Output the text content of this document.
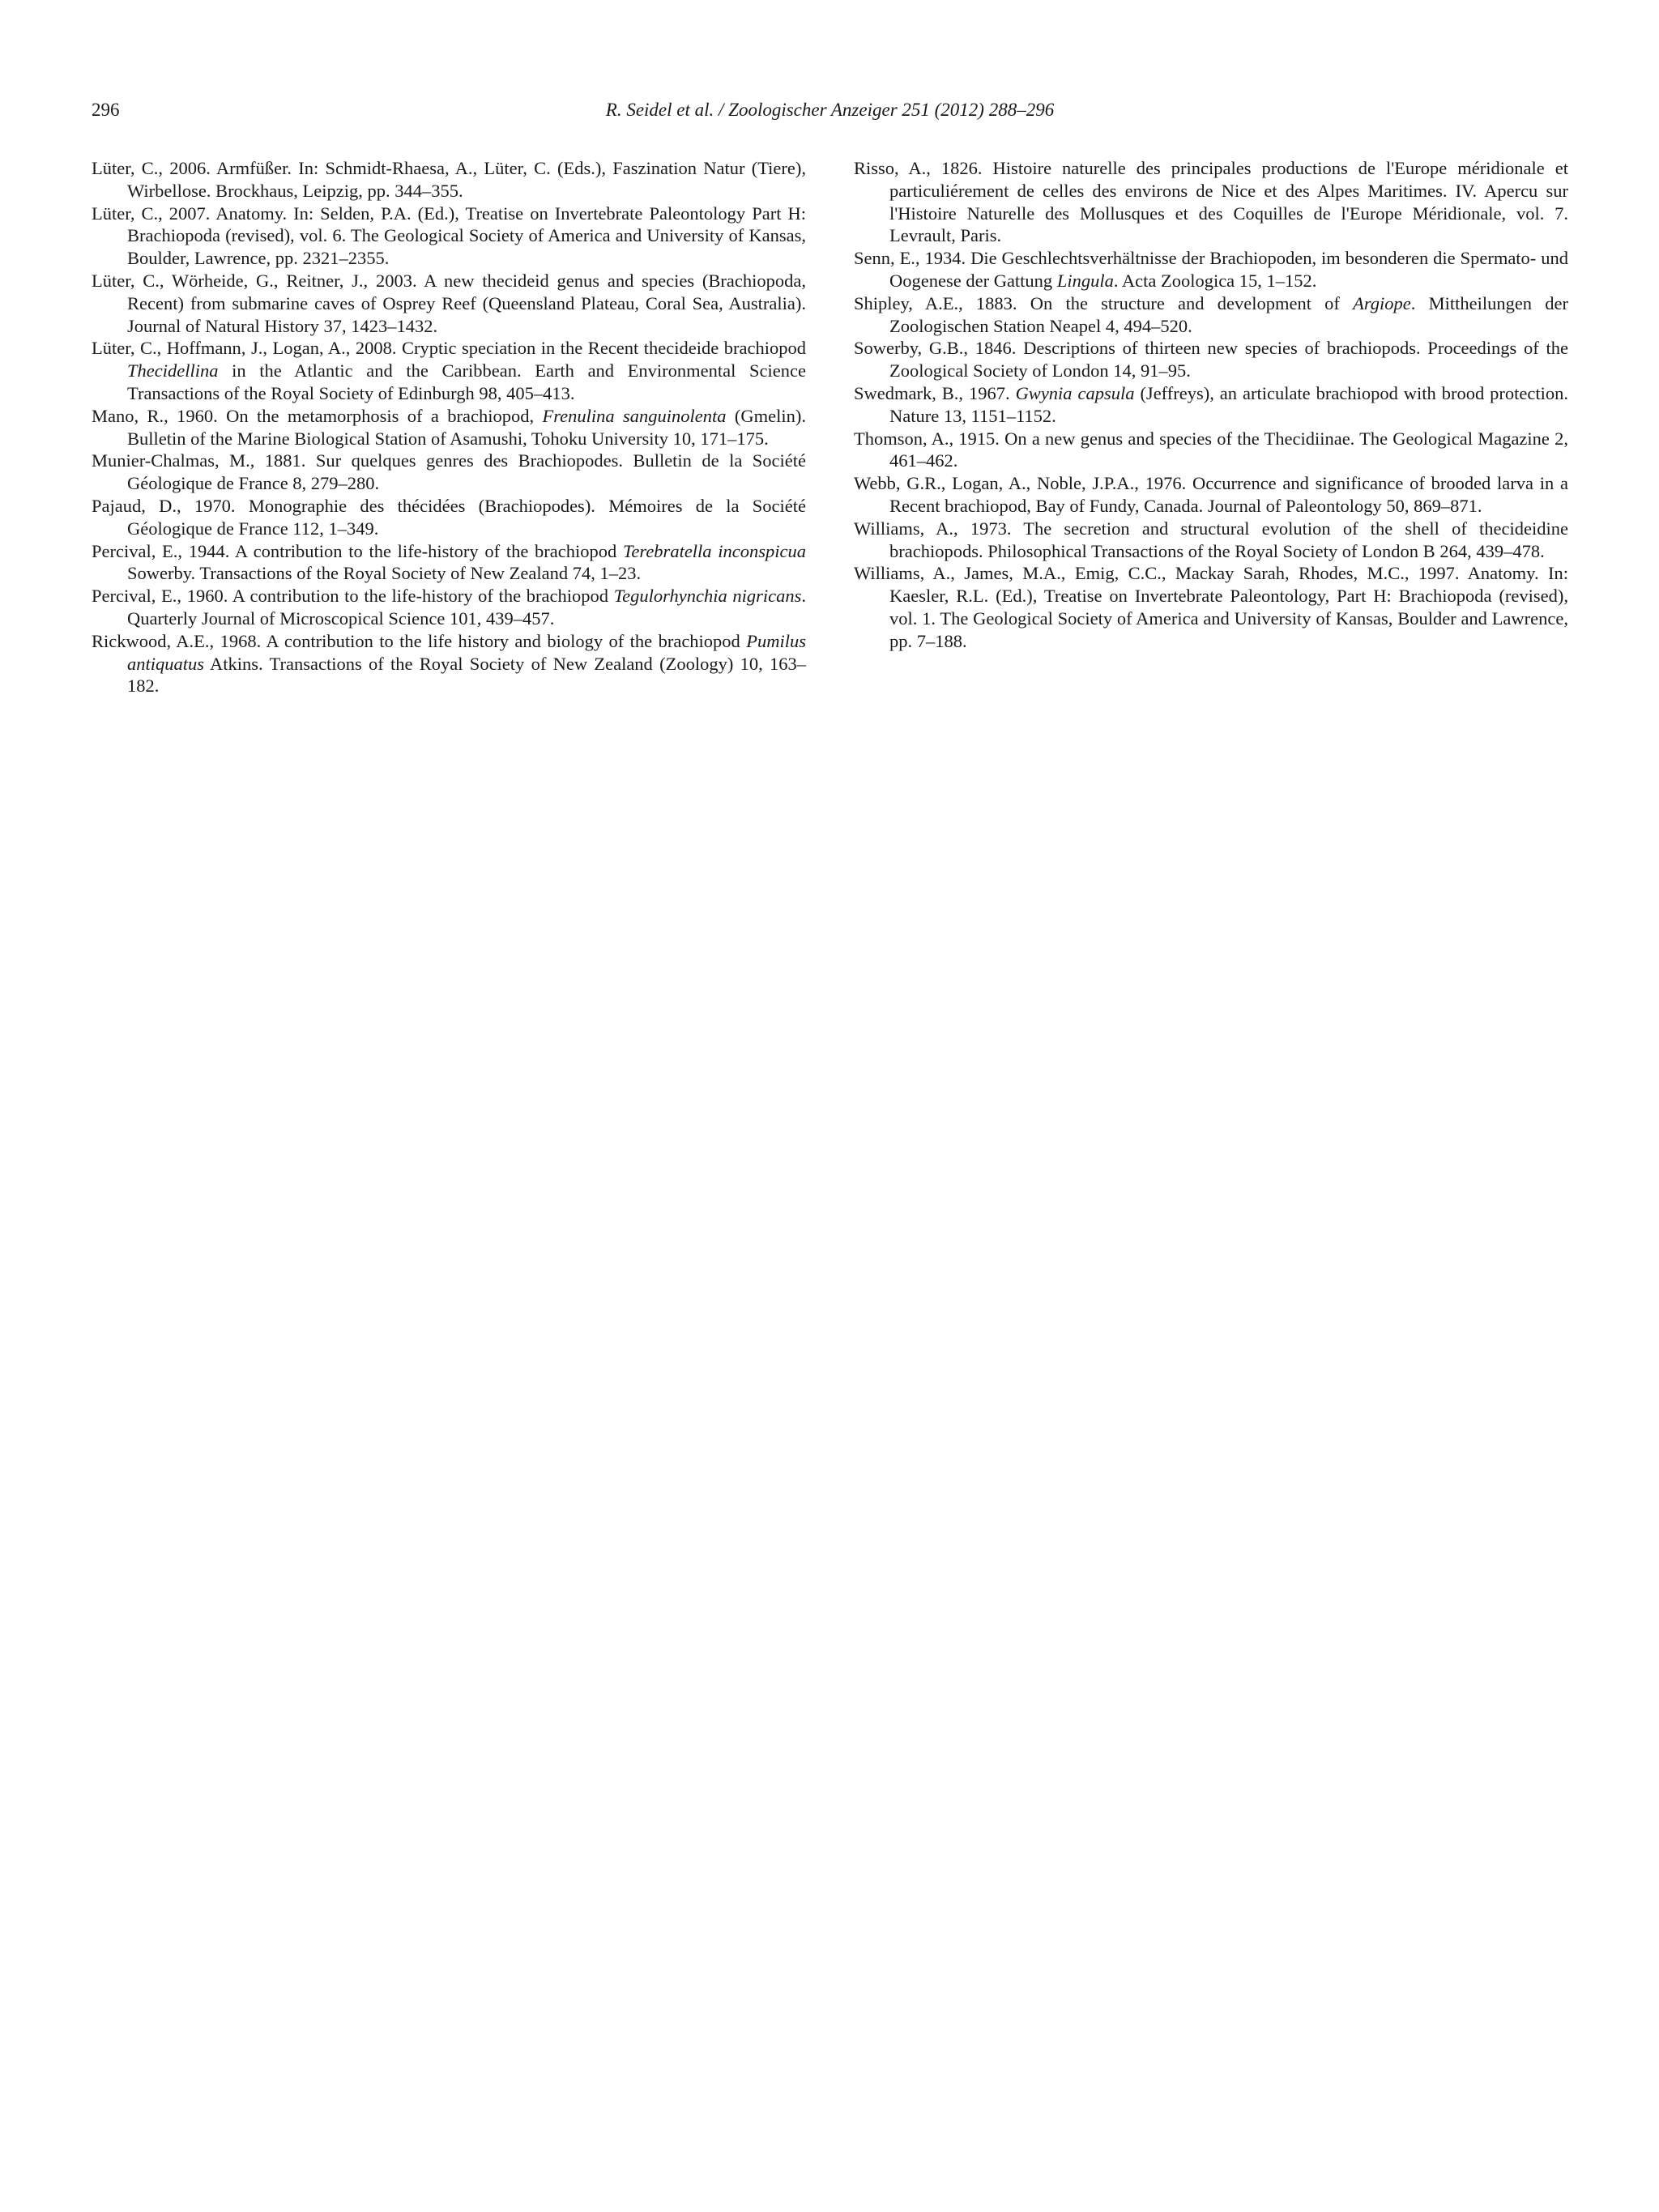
296	R. Seidel et al. / Zoologischer Anzeiger 251 (2012) 288–296

Lüter, C., 2006. Armfüßer. In: Schmidt-Rhaesa, A., Lüter, C. (Eds.), Faszination Natur (Tiere), Wirbellose. Brockhaus, Leipzig, pp. 344–355.

Lüter, C., 2007. Anatomy. In: Selden, P.A. (Ed.), Treatise on Invertebrate Paleontology Part H: Brachiopoda (revised), vol. 6. The Geological Society of America and University of Kansas, Boulder, Lawrence, pp. 2321–2355.

Lüter, C., Wörheide, G., Reitner, J., 2003. A new thecideid genus and species (Brachiopoda, Recent) from submarine caves of Osprey Reef (Queensland Plateau, Coral Sea, Australia). Journal of Natural History 37, 1423–1432.

Lüter, C., Hoffmann, J., Logan, A., 2008. Cryptic speciation in the Recent thecideide brachiopod Thecidellina in the Atlantic and the Caribbean. Earth and Environmental Science Transactions of the Royal Society of Edinburgh 98, 405–413.

Mano, R., 1960. On the metamorphosis of a brachiopod, Frenulina sanguinolenta (Gmelin). Bulletin of the Marine Biological Station of Asamushi, Tohoku University 10, 171–175.

Munier-Chalmas, M., 1881. Sur quelques genres des Brachiopodes. Bulletin de la Société Géologique de France 8, 279–280.

Pajaud, D., 1970. Monographie des thécidées (Brachiopodes). Mémoires de la Société Géologique de France 112, 1–349.

Percival, E., 1944. A contribution to the life-history of the brachiopod Terebratella inconspicua Sowerby. Transactions of the Royal Society of New Zealand 74, 1–23.

Percival, E., 1960. A contribution to the life-history of the brachiopod Tegulorhynchia nigricans. Quarterly Journal of Microscopical Science 101, 439–457.

Rickwood, A.E., 1968. A contribution to the life history and biology of the brachiopod Pumilus antiquatus Atkins. Transactions of the Royal Society of New Zealand (Zoology) 10, 163–182.

Risso, A., 1826. Histoire naturelle des principales productions de l'Europe méridionale et particuliérement de celles des environs de Nice et des Alpes Maritimes. IV. Apercu sur l'Histoire Naturelle des Mollusques et des Coquilles de l'Europe Méridionale, vol. 7. Levrault, Paris.

Senn, E., 1934. Die Geschlechtsverhältnisse der Brachiopoden, im besonderen die Spermato- und Oogenese der Gattung Lingula. Acta Zoologica 15, 1–152.

Shipley, A.E., 1883. On the structure and development of Argiope. Mittheilungen der Zoologischen Station Neapel 4, 494–520.

Sowerby, G.B., 1846. Descriptions of thirteen new species of brachiopods. Proceedings of the Zoological Society of London 14, 91–95.

Swedmark, B., 1967. Gwynia capsula (Jeffreys), an articulate brachiopod with brood protection. Nature 13, 1151–1152.

Thomson, A., 1915. On a new genus and species of the Thecidiinae. The Geological Magazine 2, 461–462.

Webb, G.R., Logan, A., Noble, J.P.A., 1976. Occurrence and significance of brooded larva in a Recent brachiopod, Bay of Fundy, Canada. Journal of Paleontology 50, 869–871.

Williams, A., 1973. The secretion and structural evolution of the shell of thecideidine brachiopods. Philosophical Transactions of the Royal Society of London B 264, 439–478.

Williams, A., James, M.A., Emig, C.C., Mackay Sarah, Rhodes, M.C., 1997. Anatomy. In: Kaesler, R.L. (Ed.), Treatise on Invertebrate Paleontology, Part H: Brachiopoda (revised), vol. 1. The Geological Society of America and University of Kansas, Boulder and Lawrence, pp. 7–188.
